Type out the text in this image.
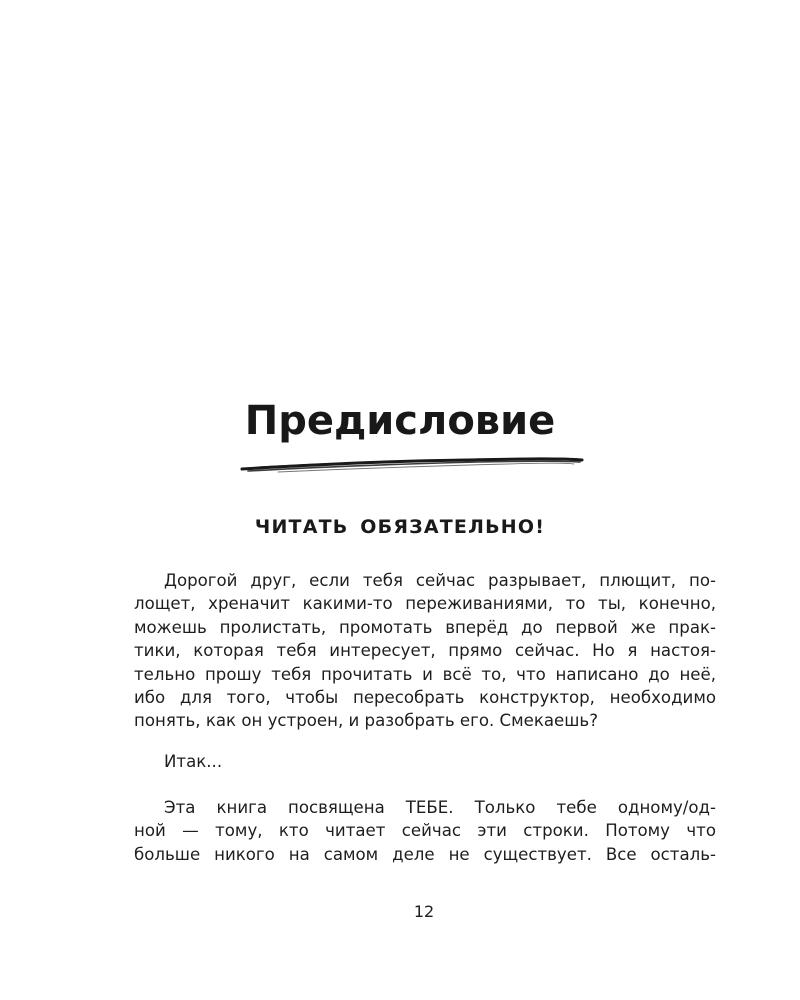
Предисловие
ЧИТАТЬ ОБЯЗАТЕЛЬНО!
Дорогой друг, если тебя сейчас разрывает, плющит, по-
лощет, хреначит какими-то переживаниями, то ты, конечно,
можешь пролистать, промотать вперёд до первой же прак-
тики, которая тебя интересует, прямо сейчас. Но я настоя-
тельно прошу тебя прочитать и всё то, что написано до неё,
ибо для того, чтобы пересобрать конструктор, необходимо
понять, как он устроен, и разобрать его. Смекаешь?
Итак...
Эта книга посвящена ТЕБЕ. Только тебе одному/од-
ной — тому, кто читает сейчас эти строки. Потому что
больше никого на самом деле не существует. Все осталь-
12
